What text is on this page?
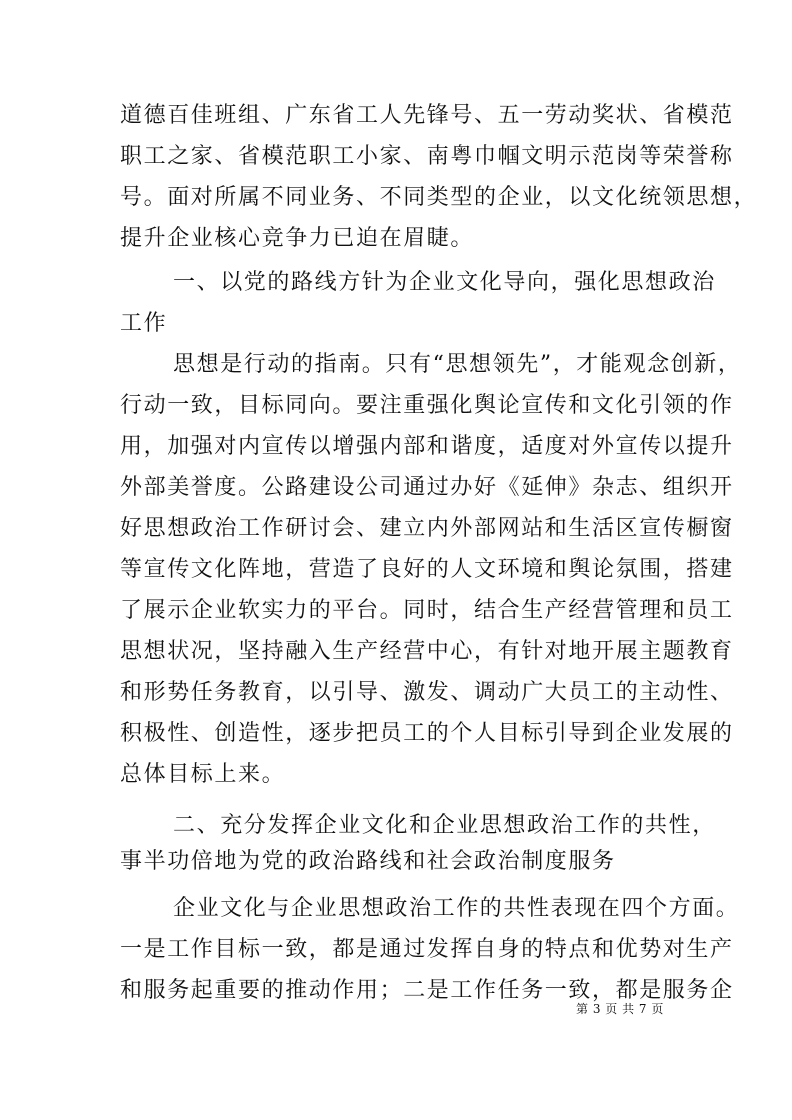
道德百佳班组、广东省工人先锋号、五一劳动奖状、省模范
职工之家、省模范职工小家、南粤巾帼文明示范岗等荣誉称
号。面对所属不同业务、不同类型的企业，以文化统领思想，
提升企业核心竞争力已迫在眉睫。
一、以党的路线方针为企业文化导向，强化思想政治
工作
思想是行动的指南。只有“思想领先”，才能观念创新，
行动一致，目标同向。要注重强化舆论宣传和文化引领的作
用，加强对内宣传以增强内部和谐度，适度对外宣传以提升
外部美誉度。公路建设公司通过办好《延伸》杂志、组织开
好思想政治工作研讨会、建立内外部网站和生活区宣传橱窗
等宣传文化阵地，营造了良好的人文环境和舆论氛围，搭建
了展示企业软实力的平台。同时，结合生产经营管理和员工
思想状况，坚持融入生产经营中心，有针对地开展主题教育
和形势任务教育，以引导、激发、调动广大员工的主动性、
积极性、创造性，逐步把员工的个人目标引导到企业发展的
总体目标上来。
二、充分发挥企业文化和企业思想政治工作的共性，
事半功倍地为党的政治路线和社会政治制度服务
企业文化与企业思想政治工作的共性表现在四个方面。
一是工作目标一致，都是通过发挥自身的特点和优势对生产
和服务起重要的推动作用；二是工作任务一致，都是服务企
第 3 页 共 7 页
